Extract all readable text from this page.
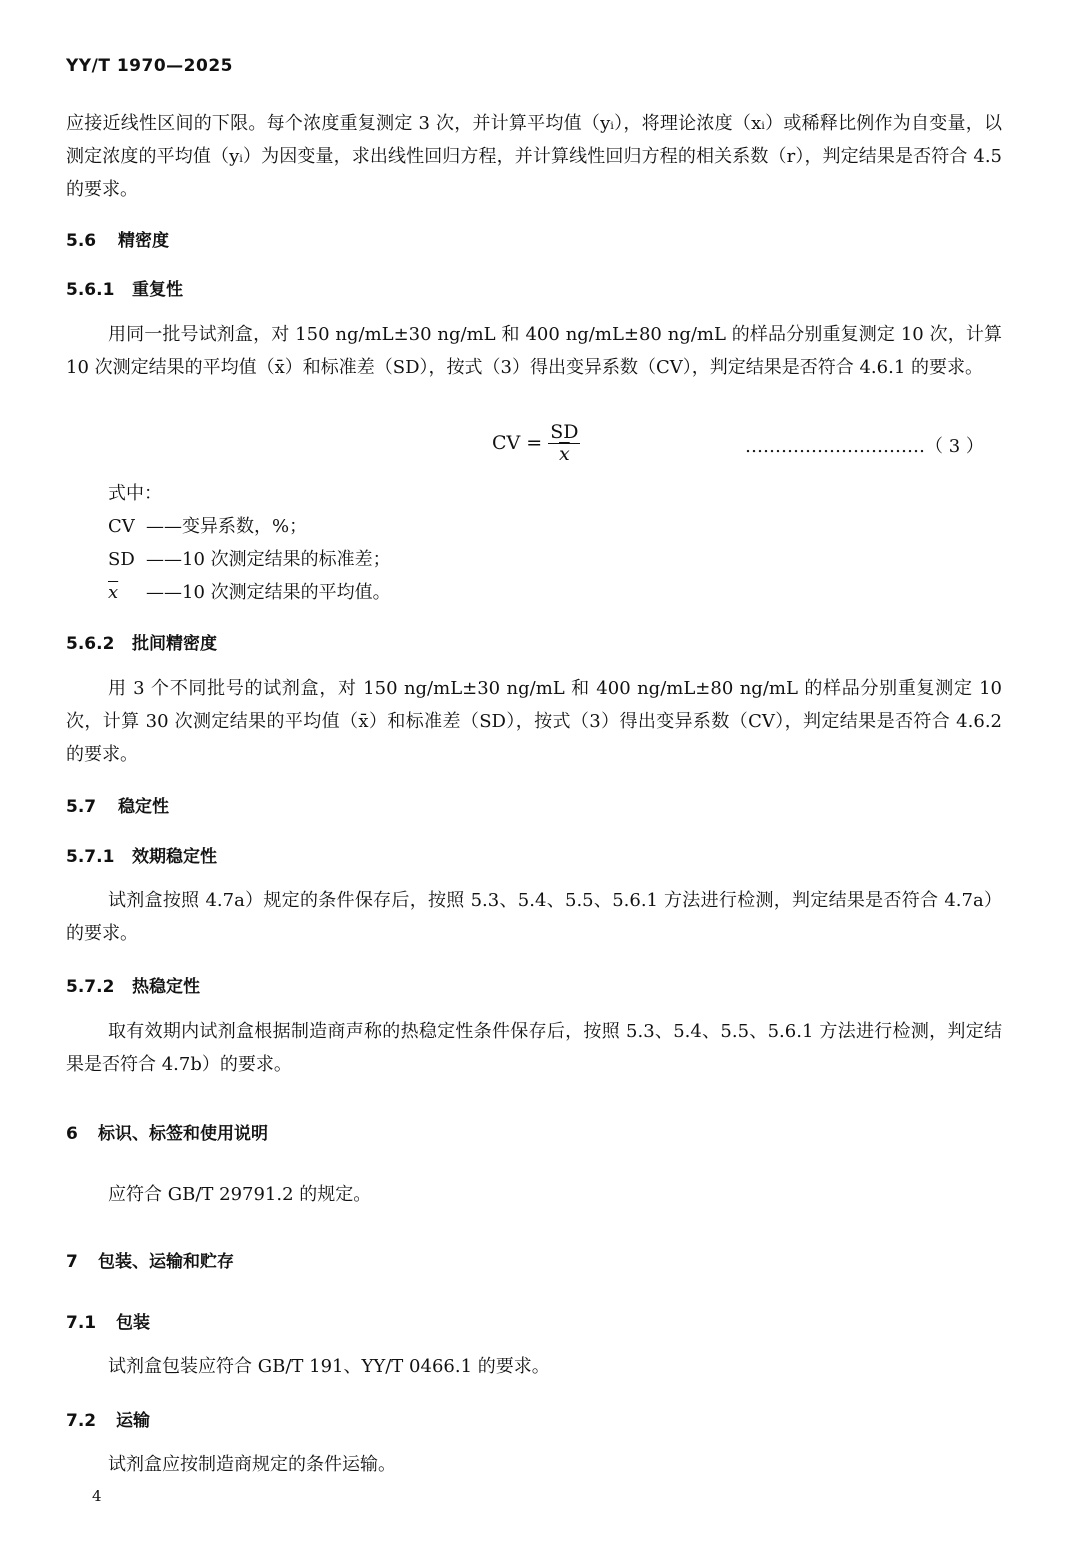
YY/T 1970—2025
应接近线性区间的下限。每个浓度重复测定 3 次，并计算平均值（yᵢ），将理论浓度（xᵢ）或稀释比例作为自变量，以测定浓度的平均值（yᵢ）为因变量，求出线性回归方程，并计算线性回归方程的相关系数（r），判定结果是否符合 4.5 的要求。
5.6 精密度
5.6.1 重复性
用同一批号试剂盒，对 150 ng/mL±30 ng/mL 和 400 ng/mL±80 ng/mL 的样品分别重复测定 10 次，计算 10 次测定结果的平均值（x̄）和标准差（SD），按式（3）得出变异系数（CV），判定结果是否符合 4.6.1 的要求。
CV = $\frac{SD}{x}$	…………………………（ 3 ）
式中：
CV ——变异系数，%；
SD ——10 次测定结果的标准差；
$\overline{x}$	——10 次测定结果的平均值。
5.6.2 批间精密度
用 3 个不同批号的试剂盒，对 150 ng/mL±30 ng/mL 和 400 ng/mL±80 ng/mL 的样品分别重复测定 10 次，计算 30 次测定结果的平均值（x̄）和标准差（SD），按式（3）得出变异系数（CV），判定结果是否符合 4.6.2 的要求。
5.7 稳定性
5.7.1 效期稳定性
试剂盒按照 4.7a）规定的条件保存后，按照 5.3、5.4、5.5、5.6.1 方法进行检测，判定结果是否符合 4.7a）的要求。
5.7.2 热稳定性
取有效期内试剂盒根据制造商声称的热稳定性条件保存后，按照 5.3、5.4、5.5、5.6.1 方法进行检测，判定结果是否符合 4.7b）的要求。
6 标识、标签和使用说明
应符合 GB/T 29791.2 的规定。
7 包装、运输和贮存
7.1 包装
试剂盒包装应符合 GB/T 191、YY/T 0466.1 的要求。
7.2 运输
试剂盒应按制造商规定的条件运输。
4
